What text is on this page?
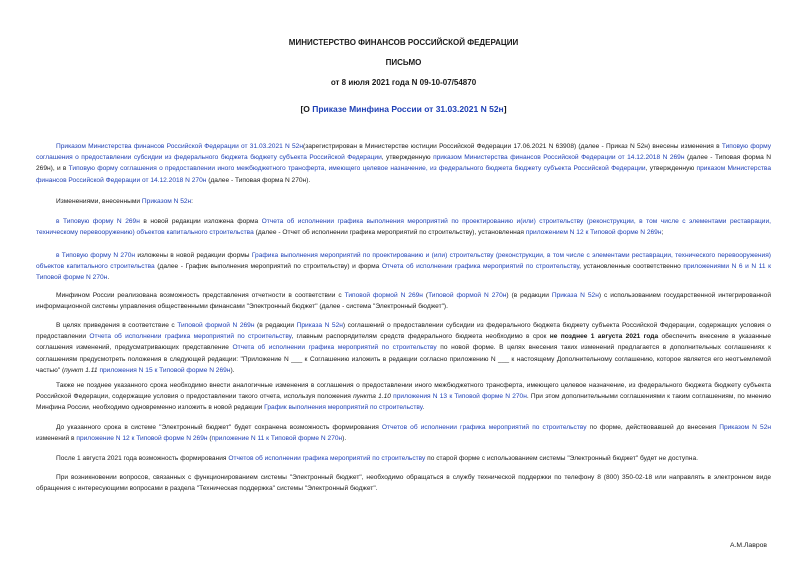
МИНИСТЕРСТВО ФИНАНСОВ РОССИЙСКОЙ ФЕДЕРАЦИИ
ПИСЬМО
от 8 июля 2021 года N 09-10-07/54870
[О Приказе Минфина России от 31.03.2021 N 52н]
Приказом Министерства финансов Российской Федерации от 31.03.2021 N 52н(зарегистрирован в Министерстве юстиции Российской Федерации 17.06.2021 N 63908) (далее - Приказ N 52н) внесены изменения в Типовую форму соглашения о предоставлении субсидии из федерального бюджета бюджету субъекта Российской Федерации, утвержденную приказом Министерства финансов Российской Федерации от 14.12.2018 N 269н (далее - Типовая форма N 269н), и в Типовую форму соглашения о предоставлении иного межбюджетного трансферта, имеющего целевое назначение, из федерального бюджета бюджету субъекта Российской Федерации, утвержденную приказом Министерства финансов Российской Федерации от 14.12.2018 N 270н (далее - Типовая форма N 270н).
Изменениями, внесенными Приказом N 52н:
в Типовую форму N 269н в новой редакции изложена форма Отчета об исполнении графика выполнения мероприятий по проектированию и(или) строительству (реконструкции, в том числе с элементами реставрации, техническому перевооружению) объектов капитального строительства (далее - Отчет об исполнении графика мероприятий по строительству), установленная приложением N 12 к Типовой форме N 269н;
в Типовую форму N 270н изложены в новой редакции формы Графика выполнения мероприятий по проектированию и (или) строительству (реконструкции, в том числе с элементами реставрации, технического перевооружения) объектов капитального строительства (далее - График выполнения мероприятий по строительству) и форма Отчета об исполнении графика мероприятий по строительству, установленные соответственно приложениями N 6 и N 11 к Типовой форме N 270н.
Минфином России реализована возможность представления отчетности в соответствии с Типовой формой N 269н (Типовой формой N 270н) (в редакции Приказа N 52н) с использованием государственной интегрированной информационной системы управления общественными финансами "Электронный бюджет" (далее - система "Электронный бюджет").
В целях приведения в соответствие с Типовой формой N 269н (в редакции Приказа N 52н) соглашений о предоставлении субсидии из федерального бюджета бюджету субъекта Российской Федерации, содержащих условия о предоставлении Отчета об исполнении графика мероприятий по строительству, главным распорядителям средств федерального бюджета необходимо в срок не позднее 1 августа 2021 года обеспечить внесение в указанные соглашения изменений, предусматривающих представление Отчета об исполнении графика мероприятий по строительству по новой форме. В целях внесения таких изменений предлагается в дополнительных соглашениях к соглашениям предусмотреть положения в следующей редакции: "Приложение N ___ к Соглашению изложить в редакции согласно приложению N ___ к настоящему Дополнительному соглашению, которое является его неотъемлемой частью" (пункт 1.11 приложения N 15 к Типовой форме N 269н).
Также не позднее указанного срока необходимо внести аналогичные изменения в соглашения о предоставлении иного межбюджетного трансферта, имеющего целевое назначение, из федерального бюджета бюджету субъекта Российской Федерации, содержащие условия о предоставлении такого отчета, используя положения пункта 1.10 приложения N 13 к Типовой форме N 270н. При этом дополнительными соглашениями к таким соглашениям, по мнению Минфина России, необходимо одновременно изложить в новой редакции График выполнения мероприятий по строительству.
До указанного срока в системе "Электронный бюджет" будет сохранена возможность формирования Отчетов об исполнении графика мероприятий по строительству по форме, действовавшей до внесения Приказом N 52н изменений в приложение N 12 к Типовой форме N 269н (приложение N 11 к Типовой форме N 270н).
После 1 августа 2021 года возможность формирования Отчетов об исполнении графика мероприятий по строительству по старой форме с использованием системы "Электронный бюджет" будет не доступна.
При возникновении вопросов, связанных с функционированием системы "Электронный бюджет", необходимо обращаться в службу технической поддержки по телефону 8 (800) 350-02-18 или направлять в электронном виде обращения с интересующими вопросами в раздела "Техническая поддержка" системы "Электронный бюджет".
А.М.Лавров
